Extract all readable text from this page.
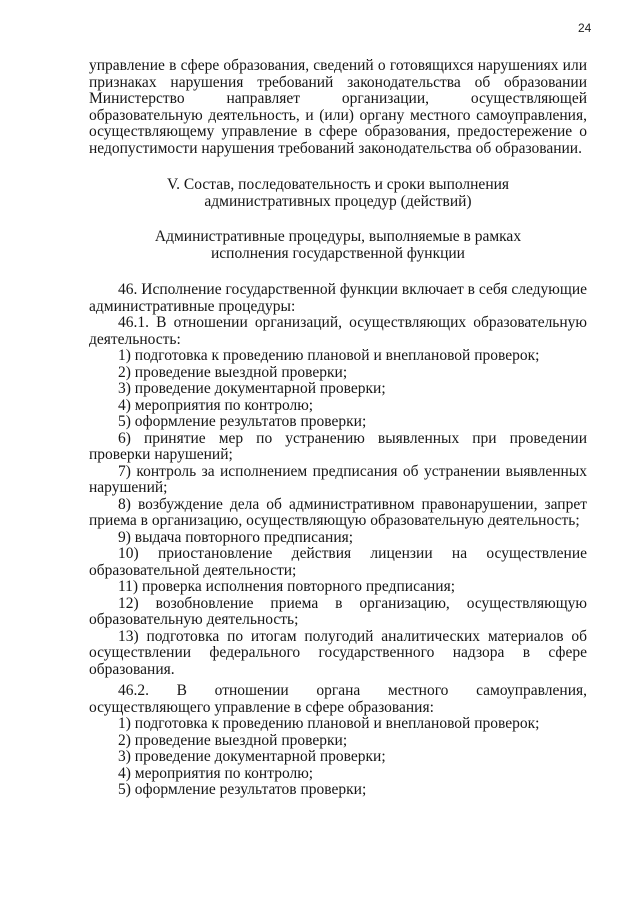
24

управление в сфере образования, сведений о готовящихся нарушениях или признаках нарушения требований законодательства об образовании Министерство направляет организации, осуществляющей образовательную деятельность, и (или) органу местного самоуправления, осуществляющему управление в сфере образования, предостережение о недопустимости нарушения требований законодательства об образовании.

V. Состав, последовательность и сроки выполнения

административных процедур (действий)

Административные процедуры, выполняемые в рамках

исполнения государственной функции

46. Исполнение государственной функции включает в себя следующие административные процедуры:

46.1. В отношении организаций, осуществляющих образовательную деятельность:

1) подготовка к проведению плановой и внеплановой проверок;

2) проведение выездной проверки;

3) проведение документарной проверки;

4) мероприятия по контролю;

5) оформление результатов проверки;

6) принятие мер по устранению выявленных при проведении проверки нарушений;

7) контроль за исполнением предписания об устранении выявленных нарушений;

8) возбуждение дела об административном правонарушении, запрет приема в организацию, осуществляющую образовательную деятельность;

9) выдача повторного предписания;

10) приостановление действия лицензии на осуществление образовательной деятельности;

11) проверка исполнения повторного предписания;

12) возобновление приема в организацию, осуществляющую образовательную деятельность;

13) подготовка по итогам полугодий аналитических материалов об осуществлении федерального государственного надзора в сфере образования.

46.2. В отношении органа местного самоуправления, осуществляющего управление в сфере образования:

1) подготовка к проведению плановой и внеплановой проверок;

2) проведение выездной проверки;

3) проведение документарной проверки;

4) мероприятия по контролю;

5) оформление результатов проверки;
